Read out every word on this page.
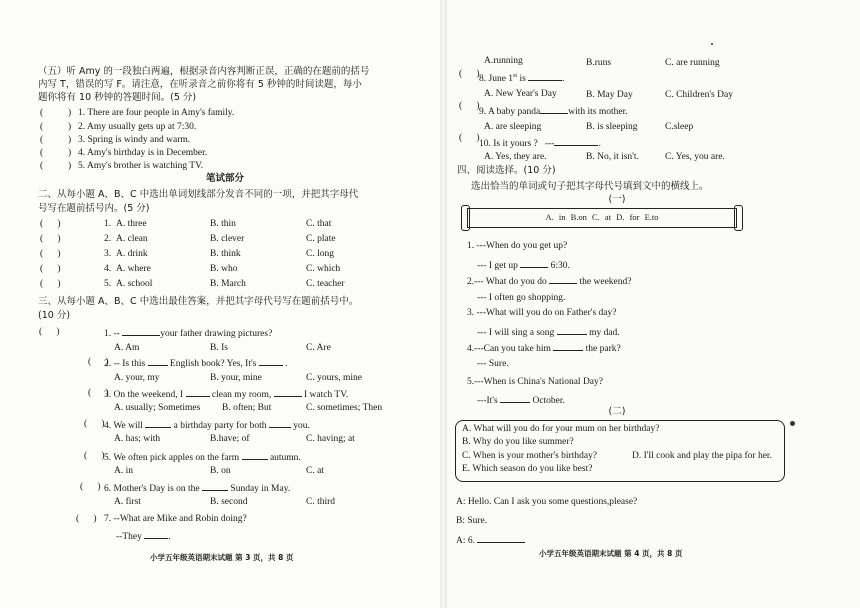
（五）听 Amy 的一段独白两遍，根据录音内容判断正误，正确的在题前的括号
内写 T，错误的写 F。请注意，在听录音之前你将有 5 秒钟的时间读题，每小
题你将有 10 秒钟的答题时间。(5 分)
(	) 1. There are four people in Amy's family.
(	) 2. Amy usually gets up at 7:30.
(	) 3. Spring is windy and warm.
(	) 4. Amy's birthday is in December.
(	) 5. Amy's brother is watching TV.
笔试部分
二、从每小题 A、B、C 中选出单词划线部分发音不同的一项，并把其字母代
号写在题前括号内。(5 分)
(      )	1. A. three	B. thin	C. that
(      )	2. A. clean	B. clever	C. plate
(      )	3. A. drink	B. think	C. long
(      )	4. A. where	B. who	C. which
(      )	5. A. school	B. March	C. teacher
三、从每小题 A、B、C 中选出最佳答案，并把其字母代号写在题前括号中。
(10 分)
(      )	1. --	your father drawing pictures?
A. Am	B. Is	C. Are
(      )
2. -- Is this	English book? Yes, It's	.
A. your, my	B. your, mine	C. yours, mine
(      )
3. On the weekend, I	clean my room,	I watch TV.
A. usually; Sometimes B. often; But	C. sometimes; Then
(      ) 4. We will	a birthday party for both	you.
A. has; with	B.have; of	C. having; at
(      ) 5. We often pick apples on the farm	autumn.
A. in	B. on	C. at
(      ) 6. Mother's Day is on the	Sunday in May.
A. first	B. second	C. third
(      ) 7. --What are Mike and Robin doing?
--They	.
小学五年级英语期末试题 第 3 页，共 8 页
A.running	B.runs	C. are running
(      )
8. June 1st is	.
A. New Year's Day	B. May Day	C. Children's Day
(      )
9. A baby panda	with its mother.
A. are sleeping	B. is sleeping	C.sleep
(      )
10. Is it yours ? ---	.
A. Yes, they are.	B. No, it isn't.	C. Yes, you are.
四、阅读选择。(10 分)
选出恰当的单词或句子把其字母代号填到文中的横线上。
(一)
A. in B.on C. at D. for E.to
1. ---When do you get up?
--- I get up	6:30.
2.--- What do you do	the weekend?
--- I often go shopping.
3. ---What will you do on Father's day?
--- I will sing a song	my dad.
4.---Can you take him	the park?
--- Sure.
5.---When is China's National Day?
---It's	October.
(二)
A. What will you do for your mum on her birthday?
B. Why do you like summer?
C. When is your mother's birthday?	D. I'll cook and play the pipa for her.
E. Which season do you like best?
A: Hello. Can I ask you some questions,please?
B: Sure.
A: 6.
小学五年级英语期末试题 第 4 页，共 8 页
